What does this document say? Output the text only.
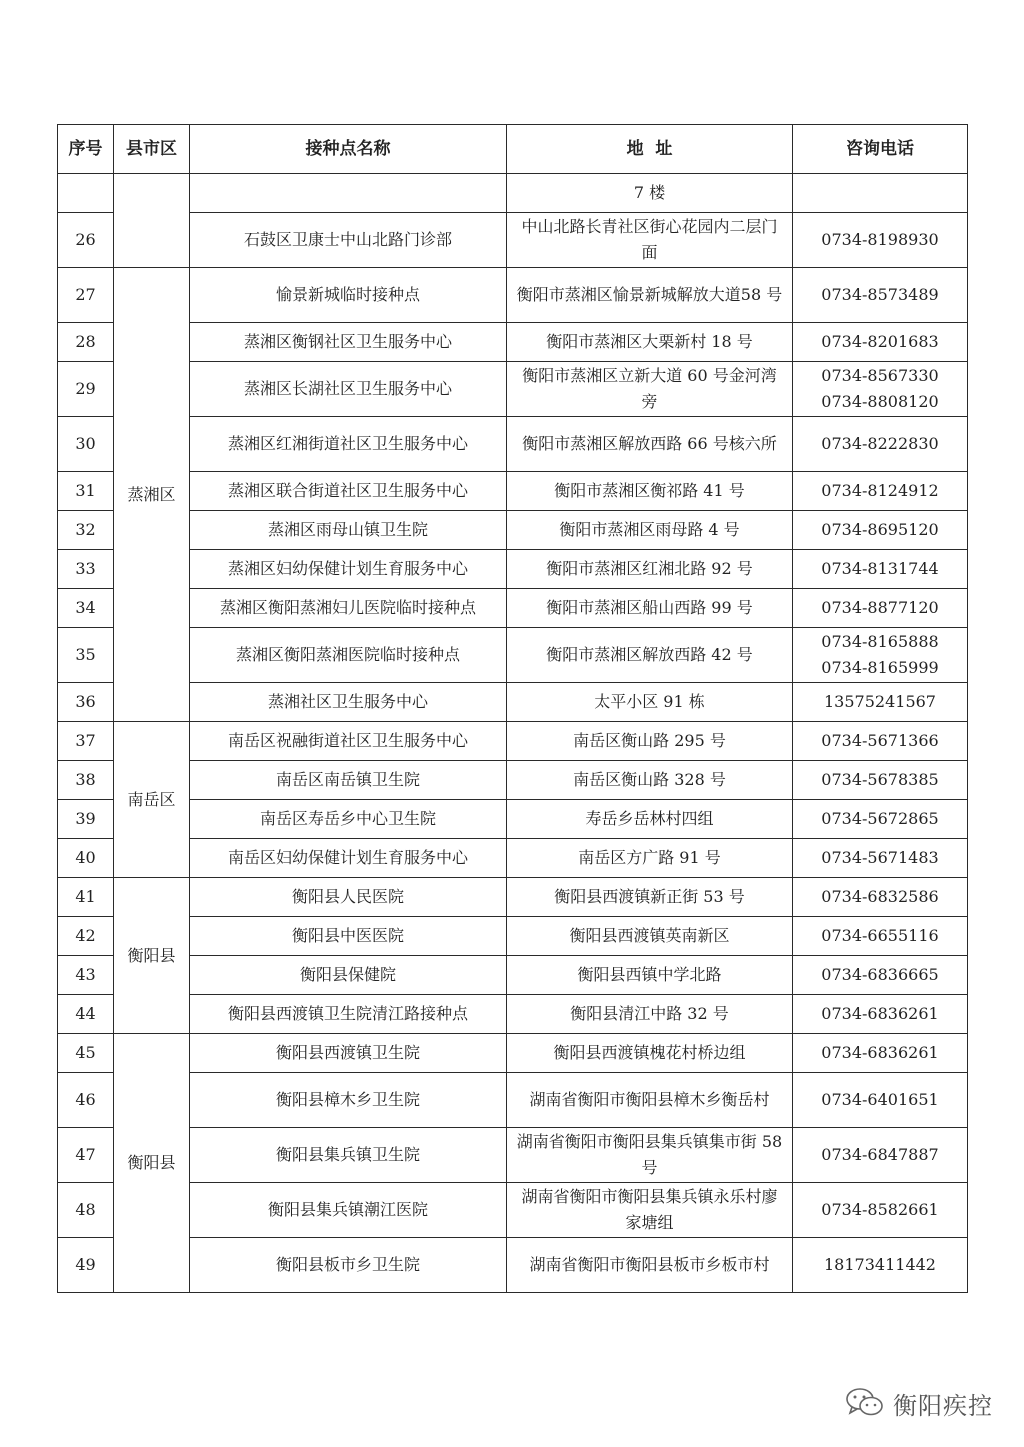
序号	县市区	接种点名称	地  址	咨询电话
			7 楼	

26		石鼓区卫康士中山北路门诊部	中山北路长青社区街心花园内二层门面	0734-8198930

27	蒸湘区	愉景新城临时接种点	衡阳市蒸湘区愉景新城解放大道58 号	0734-8573489

28		蒸湘区衡钢社区卫生服务中心	衡阳市蒸湘区大栗新村 18 号	0734-8201683

29		蒸湘区长湖社区卫生服务中心	衡阳市蒸湘区立新大道 60 号金河湾旁	0734-8567330
0734-8808120

30		蒸湘区红湘街道社区卫生服务中心	衡阳市蒸湘区解放西路 66 号核六所	0734-8222830

31		蒸湘区联合街道社区卫生服务中心	衡阳市蒸湘区衡祁路 41 号	0734-8124912

32		蒸湘区雨母山镇卫生院	衡阳市蒸湘区雨母路 4 号	0734-8695120

33		蒸湘区妇幼保健计划生育服务中心	衡阳市蒸湘区红湘北路 92 号	0734-8131744

34		蒸湘区衡阳蒸湘妇儿医院临时接种点	衡阳市蒸湘区船山西路 99 号	0734-8877120

35		蒸湘区衡阳蒸湘医院临时接种点	衡阳市蒸湘区解放西路 42 号	0734-8165888
0734-8165999

36		蒸湘社区卫生服务中心	太平小区 91 栋	13575241567

37	南岳区	南岳区祝融街道社区卫生服务中心	南岳区衡山路 295 号	0734-5671366

38		南岳区南岳镇卫生院	南岳区衡山路 328 号	0734-5678385

39		南岳区寿岳乡中心卫生院	寿岳乡岳林村四组	0734-5672865

40		南岳区妇幼保健计划生育服务中心	南岳区方广路 91 号	0734-5671483

41	衡阳县	衡阳县人民医院	衡阳县西渡镇新正街 53 号	0734-6832586

42		衡阳县中医医院	衡阳县西渡镇英南新区	0734-6655116

43		衡阳县保健院	衡阳县西镇中学北路	0734-6836665

44		衡阳县西渡镇卫生院清江路接种点	衡阳县清江中路 32 号	0734-6836261

45	衡阳县	衡阳县西渡镇卫生院	衡阳县西渡镇槐花村桥边组	0734-6836261

46		衡阳县樟木乡卫生院	湖南省衡阳市衡阳县樟木乡衡岳村	0734-6401651

47		衡阳县集兵镇卫生院	湖南省衡阳市衡阳县集兵镇集市街 58 号	0734-6847887

48		衡阳县集兵镇潮江医院	湖南省衡阳市衡阳县集兵镇永乐村廖家塘组	0734-8582661

49		衡阳县板市乡卫生院	湖南省衡阳市衡阳县板市乡板市村	18173411442
衡阳疾控
